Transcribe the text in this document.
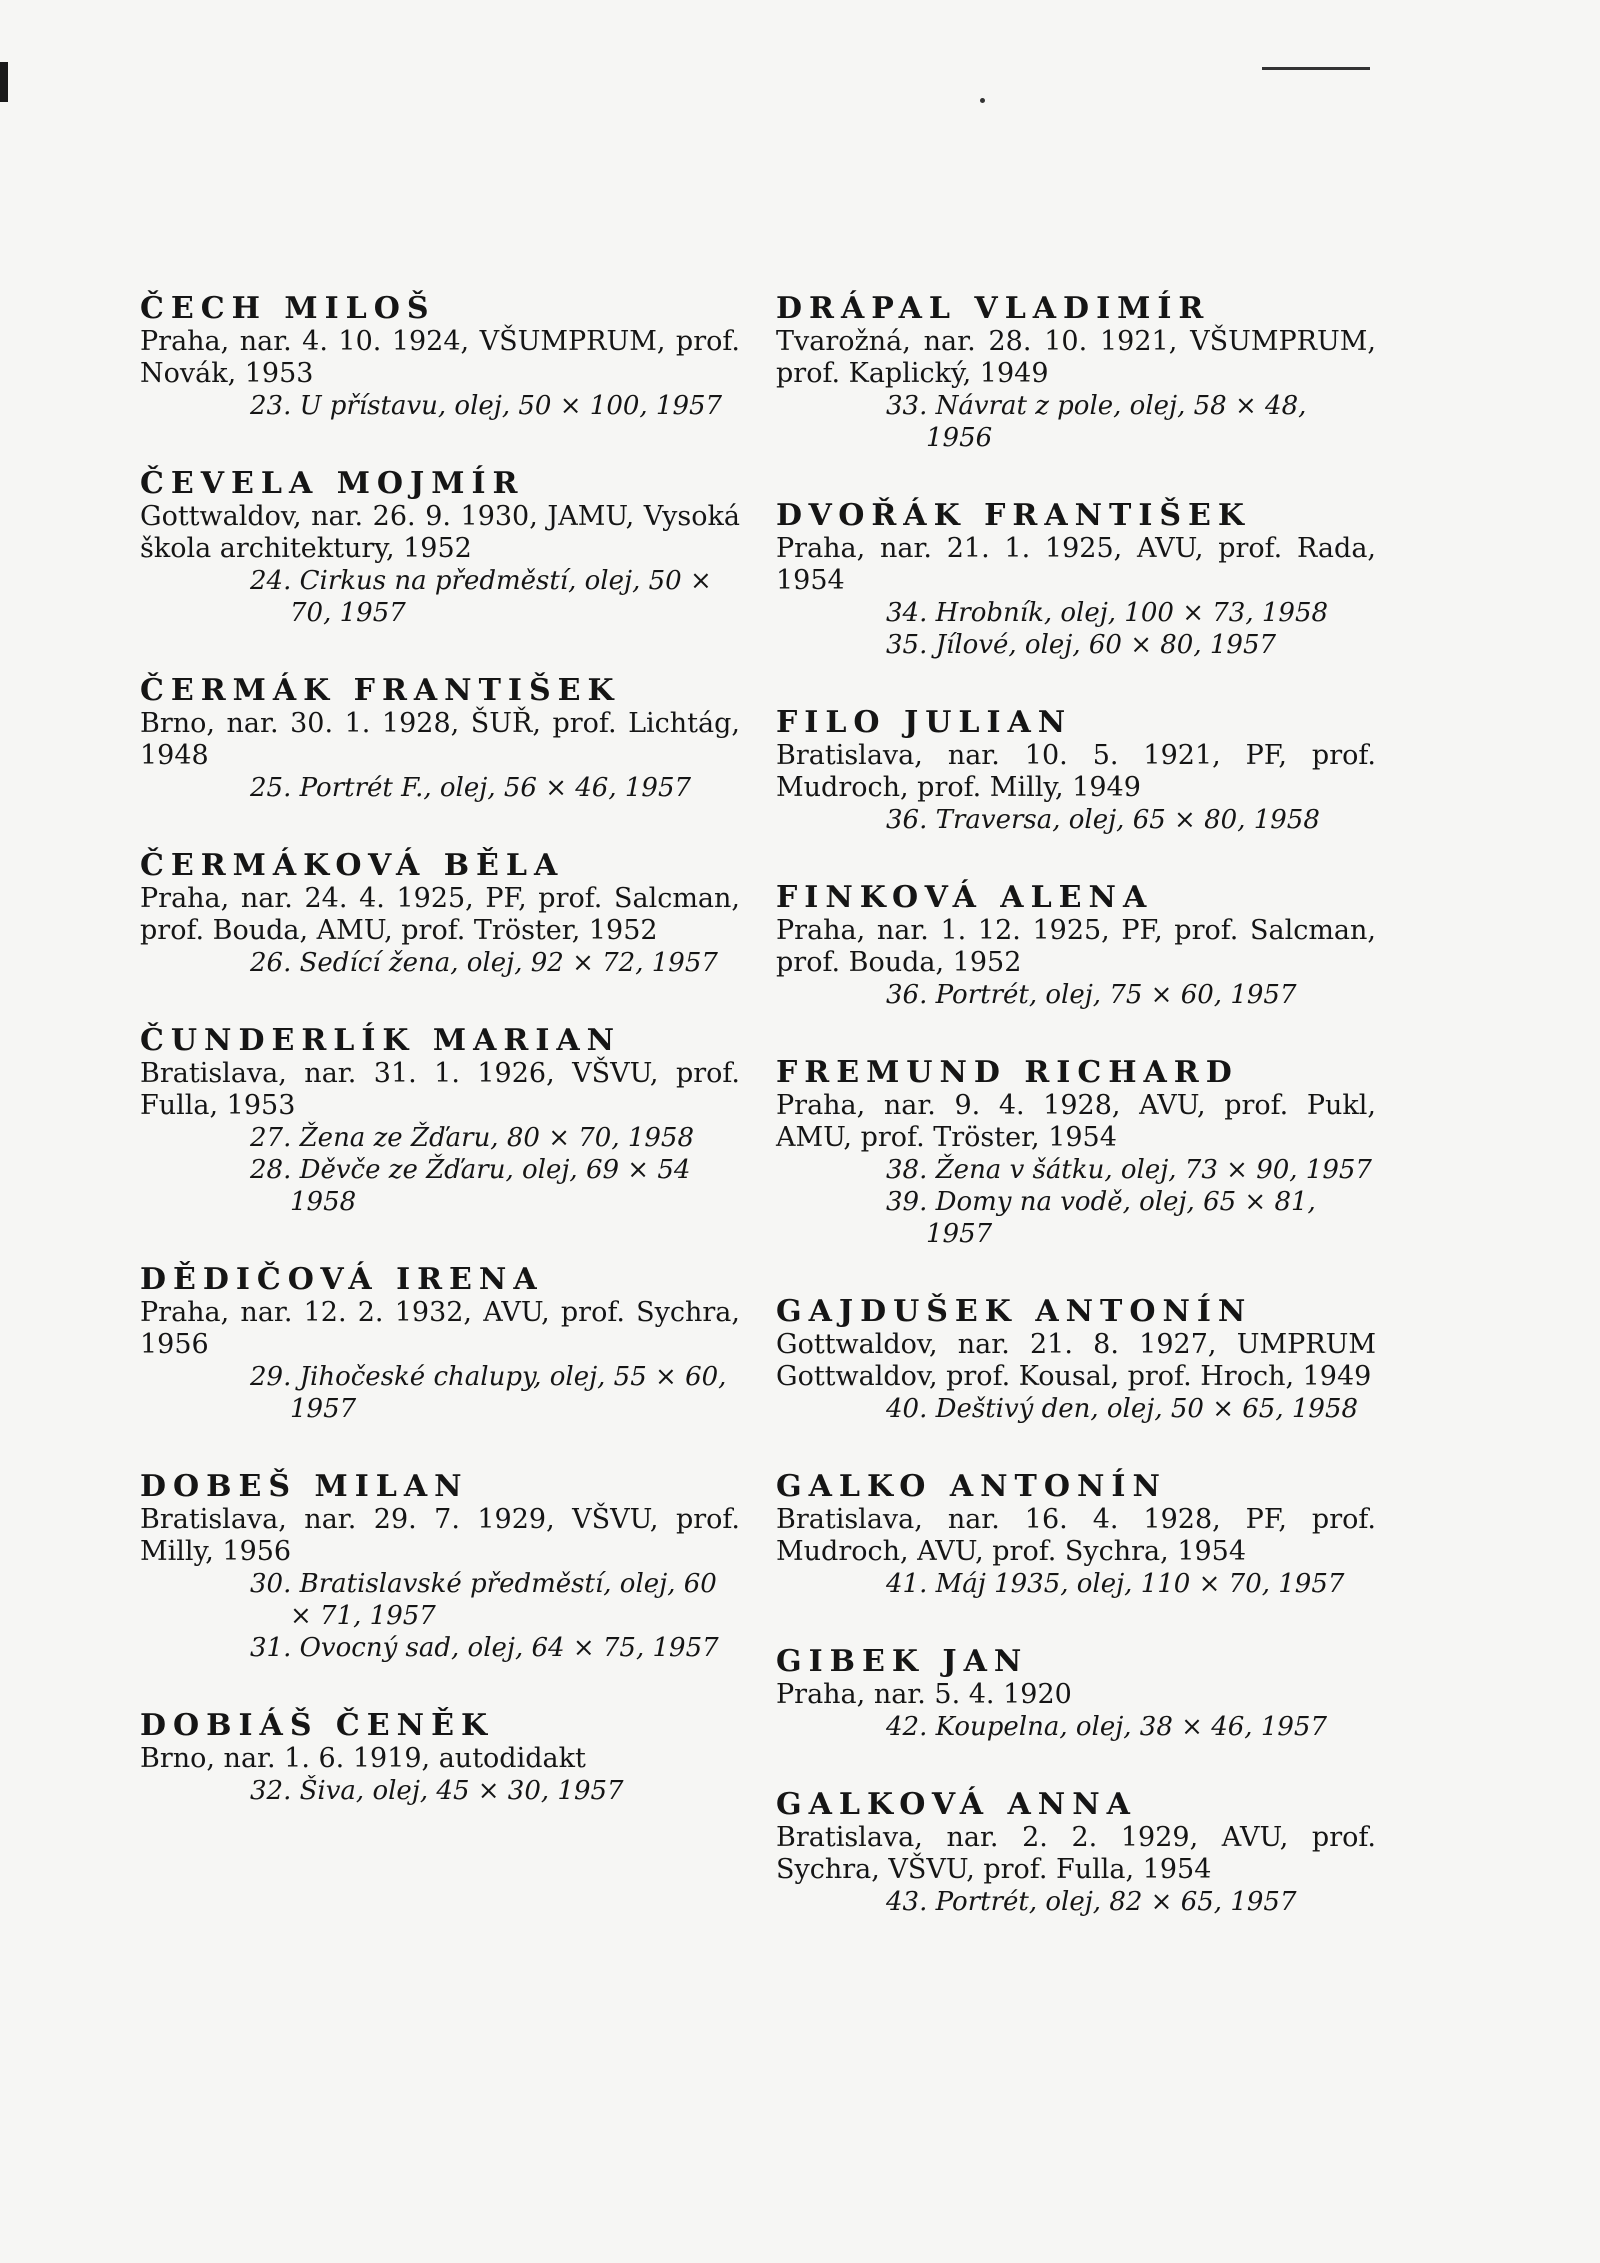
ČECH MILOŠ

Praha, nar. 4. 10. 1924, VŠUMPRUM, prof. Novák, 1953

23. U přístavu, olej, 50 × 100, 1957

ČEVELA MOJMÍR

Gottwaldov, nar. 26. 9. 1930, JAMU, Vysoká škola architektury, 1952

24. Cirkus na předměstí, olej, 50 × 70, 1957

ČERMÁK FRANTIŠEK

Brno, nar. 30. 1. 1928, ŠUŘ, prof. Lichtág, 1948

25. Portrét F., olej, 56 × 46, 1957

ČERMÁKOVÁ BĚLA

Praha, nar. 24. 4. 1925, PF, prof. Salcman, prof. Bouda, AMU, prof. Tröster, 1952

26. Sedící žena, olej, 92 × 72, 1957

ČUNDERLÍK MARIAN

Bratislava, nar. 31. 1. 1926, VŠVU, prof. Fulla, 1953

27. Žena ze Žďaru, 80 × 70, 1958

28. Děvče ze Žďaru, olej, 69 × 54 1958

DĚDIČOVÁ IRENA

Praha, nar. 12. 2. 1932, AVU, prof. Sychra, 1956

29. Jihočeské chalupy, olej, 55 × 60, 1957

DOBEŠ MILAN

Bratislava, nar. 29. 7. 1929, VŠVU, prof. Milly, 1956

30. Bratislavské předměstí, olej, 60 × 71, 1957

31. Ovocný sad, olej, 64 × 75, 1957

DOBIÁŠ ČENĚK

Brno, nar. 1. 6. 1919, autodidakt

32. Šiva, olej, 45 × 30, 1957

DRÁPAL VLADIMÍR

Tvarožná, nar. 28. 10. 1921, VŠUMPRUM, prof. Kaplický, 1949

33. Návrat z pole, olej, 58 × 48, 1956

DVOŘÁK FRANTIŠEK

Praha, nar. 21. 1. 1925, AVU, prof. Rada, 1954

34. Hrobník, olej, 100 × 73, 1958

35. Jílové, olej, 60 × 80, 1957

FILO JULIAN

Bratislava, nar. 10. 5. 1921, PF, prof. Mudroch, prof. Milly, 1949

36. Traversa, olej, 65 × 80, 1958

FINKOVÁ ALENA

Praha, nar. 1. 12. 1925, PF, prof. Salcman, prof. Bouda, 1952

36. Portrét, olej, 75 × 60, 1957

FREMUND RICHARD

Praha, nar. 9. 4. 1928, AVU, prof. Pukl, AMU, prof. Tröster, 1954

38. Žena v šátku, olej, 73 × 90, 1957

39. Domy na vodě, olej, 65 × 81, 1957

GAJDUŠEK ANTONÍN

Gottwaldov, nar. 21. 8. 1927, UMPRUM Gottwaldov, prof. Kousal, prof. Hroch, 1949

40. Deštivý den, olej, 50 × 65, 1958

GALKO ANTONÍN

Bratislava, nar. 16. 4. 1928, PF, prof. Mudroch, AVU, prof. Sychra, 1954

41. Máj 1935, olej, 110 × 70, 1957

GIBEK JAN

Praha, nar. 5. 4. 1920

42. Koupelna, olej, 38 × 46, 1957

GALKOVÁ ANNA

Bratislava, nar. 2. 2. 1929, AVU, prof. Sychra, VŠVU, prof. Fulla, 1954

43. Portrét, olej, 82 × 65, 1957
